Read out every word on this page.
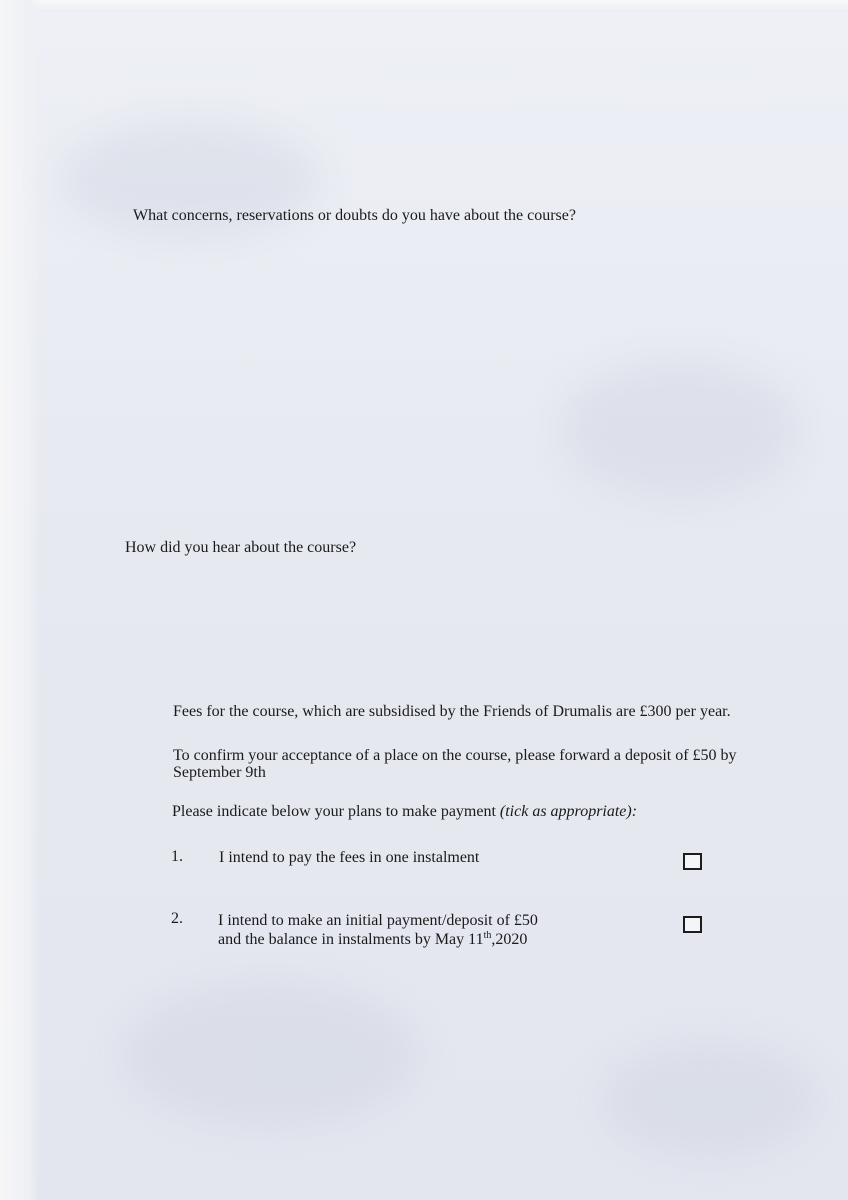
What concerns, reservations or doubts do you have about the course?
How did you hear about the course?
Fees for the course, which are subsidised by the Friends of Drumalis are £300 per year.
To confirm your acceptance of a place on the course, please forward a deposit of £50 by September 9th
Please indicate below your plans to make payment (tick as appropriate):
1. I intend to pay the fees in one instalment
2. I intend to make an initial payment/deposit of £50
and the balance in instalments by May 11th,2020
